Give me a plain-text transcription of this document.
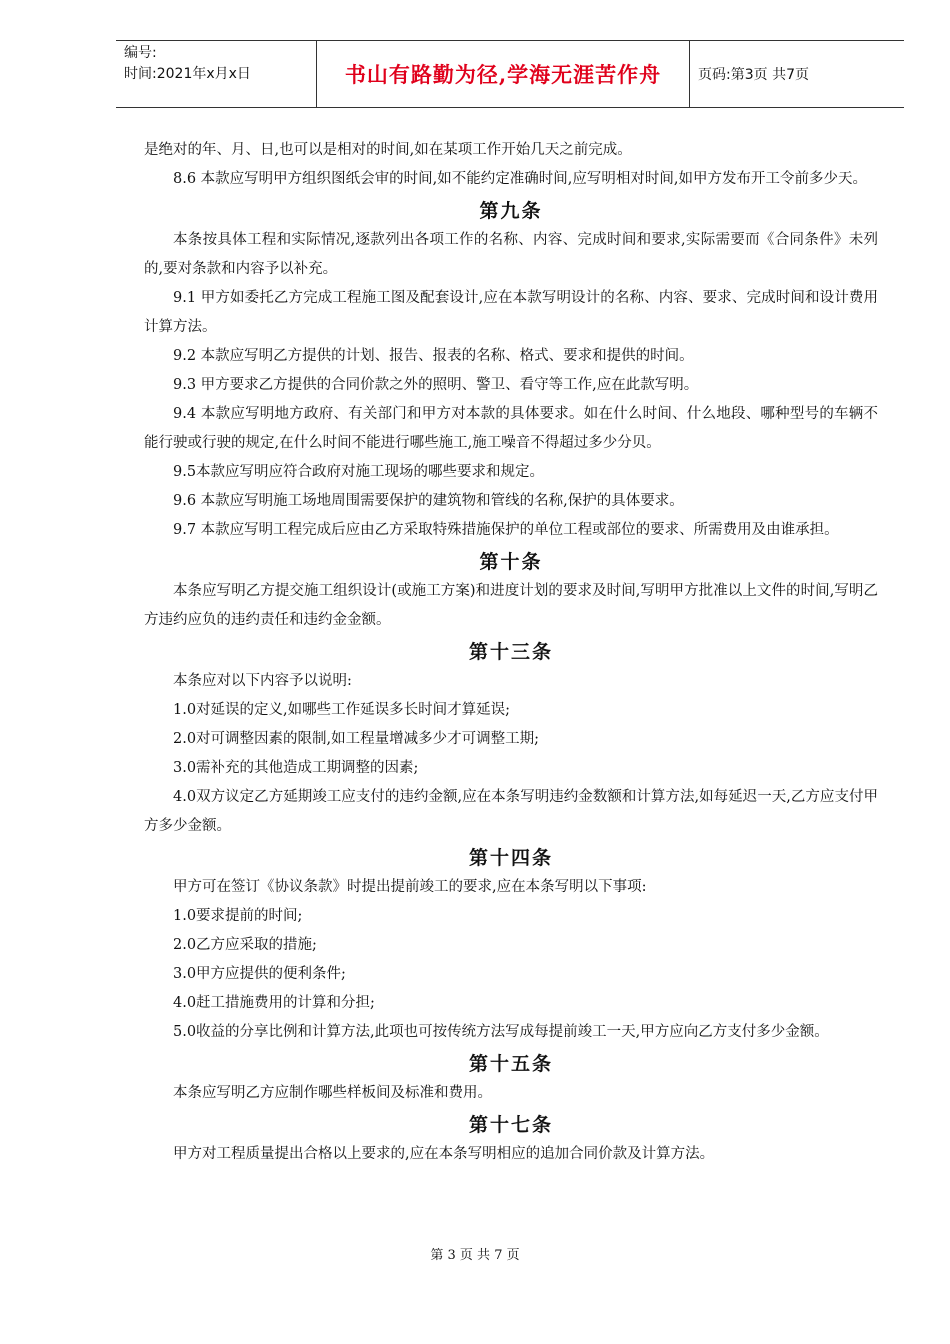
编号:
时间:2021年x月x日	书山有路勤为径,学海无涯苦作舟	页码:第3页 共7页

是绝对的年、月、日,也可以是相对的时间,如在某项工作开始几天之前完成。

8.6 本款应写明甲方组织图纸会审的时间,如不能约定准确时间,应写明相对时间,如甲方发布开工令前多少天。

第九条

本条按具体工程和实际情况,逐款列出各项工作的名称、内容、完成时间和要求,实际需要而《合同条件》未列的,要对条款和内容予以补充。

9.1 甲方如委托乙方完成工程施工图及配套设计,应在本款写明设计的名称、内容、要求、完成时间和设计费用计算方法。

9.2 本款应写明乙方提供的计划、报告、报表的名称、格式、要求和提供的时间。

9.3 甲方要求乙方提供的合同价款之外的照明、警卫、看守等工作,应在此款写明。

9.4 本款应写明地方政府、有关部门和甲方对本款的具体要求。如在什么时间、什么地段、哪种型号的车辆不能行驶或行驶的规定,在什么时间不能进行哪些施工,施工噪音不得超过多少分贝。

9.5本款应写明应符合政府对施工现场的哪些要求和规定。

9.6 本款应写明施工场地周围需要保护的建筑物和管线的名称,保护的具体要求。

9.7 本款应写明工程完成后应由乙方采取特殊措施保护的单位工程或部位的要求、所需费用及由谁承担。

第十条

本条应写明乙方提交施工组织设计(或施工方案)和进度计划的要求及时间,写明甲方批准以上文件的时间,写明乙方违约应负的违约责任和违约金金额。

第十三条

本条应对以下内容予以说明:

1.0对延误的定义,如哪些工作延误多长时间才算延误;

2.0对可调整因素的限制,如工程量增减多少才可调整工期;

3.0需补充的其他造成工期调整的因素;

4.0双方议定乙方延期竣工应支付的违约金额,应在本条写明违约金数额和计算方法,如每延迟一天,乙方应支付甲方多少金额。

第十四条

甲方可在签订《协议条款》时提出提前竣工的要求,应在本条写明以下事项:

1.0要求提前的时间;

2.0乙方应采取的措施;

3.0甲方应提供的便利条件;

4.0赶工措施费用的计算和分担;

5.0收益的分享比例和计算方法,此项也可按传统方法写成每提前竣工一天,甲方应向乙方支付多少金额。

第十五条

本条应写明乙方应制作哪些样板间及标准和费用。

第十七条

甲方对工程质量提出合格以上要求的,应在本条写明相应的追加合同价款及计算方法。

第 3 页 共 7 页
